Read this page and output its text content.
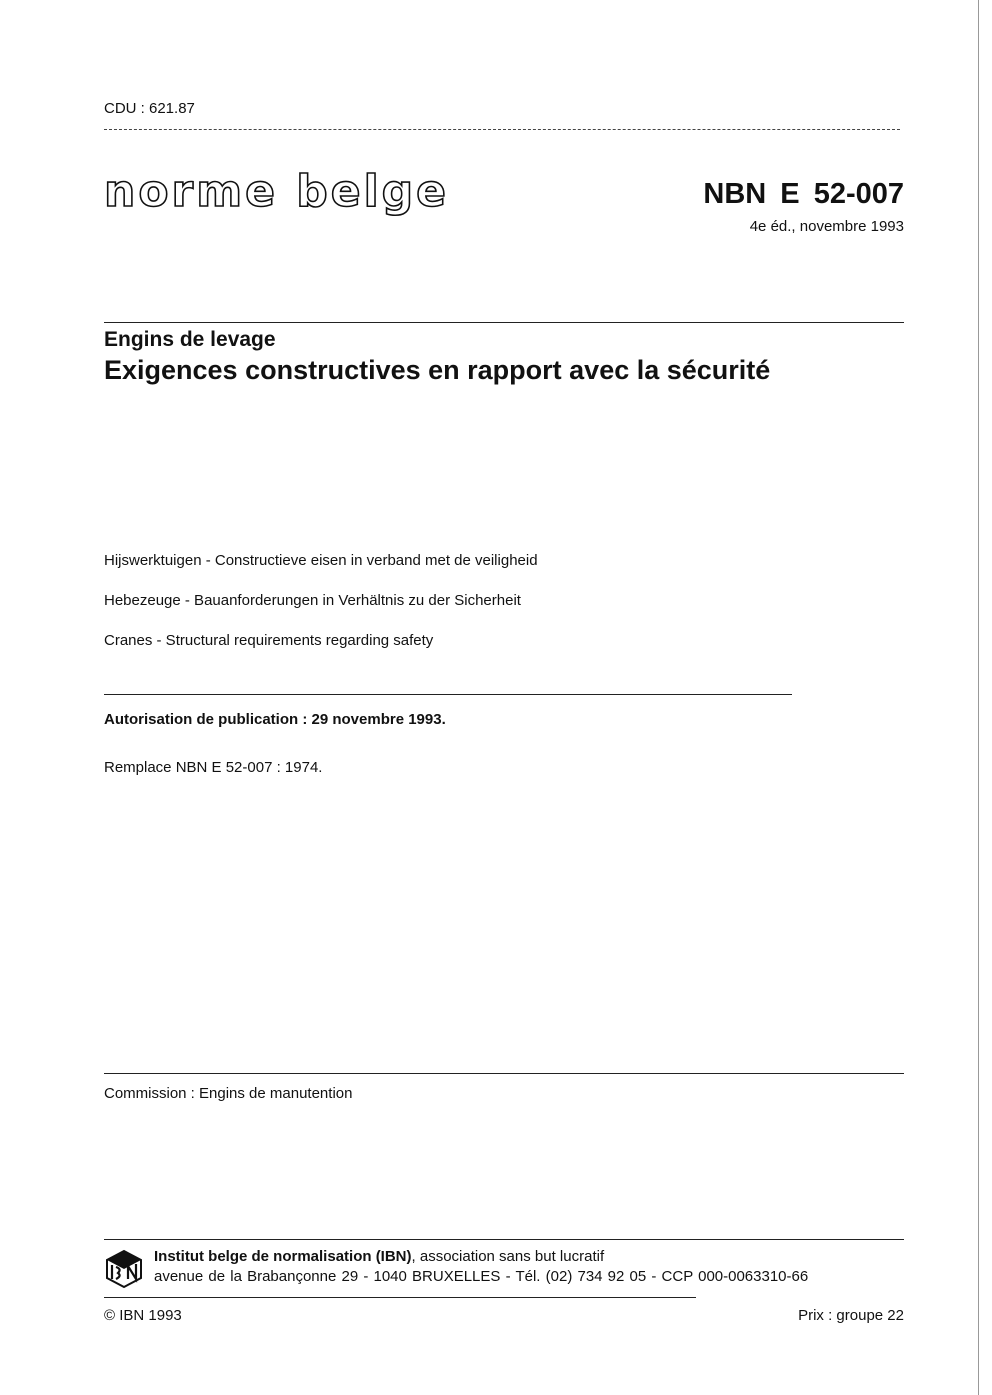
CDU : 621.87
norme belge	NBN E 52-007
4e éd., novembre 1993
Engins de levage
Exigences constructives en rapport avec la sécurité
Hijswerktuigen - Constructieve eisen in verband met de veiligheid
Hebezeuge - Bauanforderungen in Verhältnis zu der Sicherheit
Cranes - Structural requirements regarding safety
Autorisation de publication : 29 novembre 1993.
Remplace NBN E 52-007 : 1974.
Commission : Engins de manutention
Institut belge de normalisation (IBN), association sans but lucratif
avenue de la Brabançonne 29 - 1040 BRUXELLES - Tél. (02) 734 92 05 - CCP 000-0063310-66
© IBN 1993	Prix : groupe 22
